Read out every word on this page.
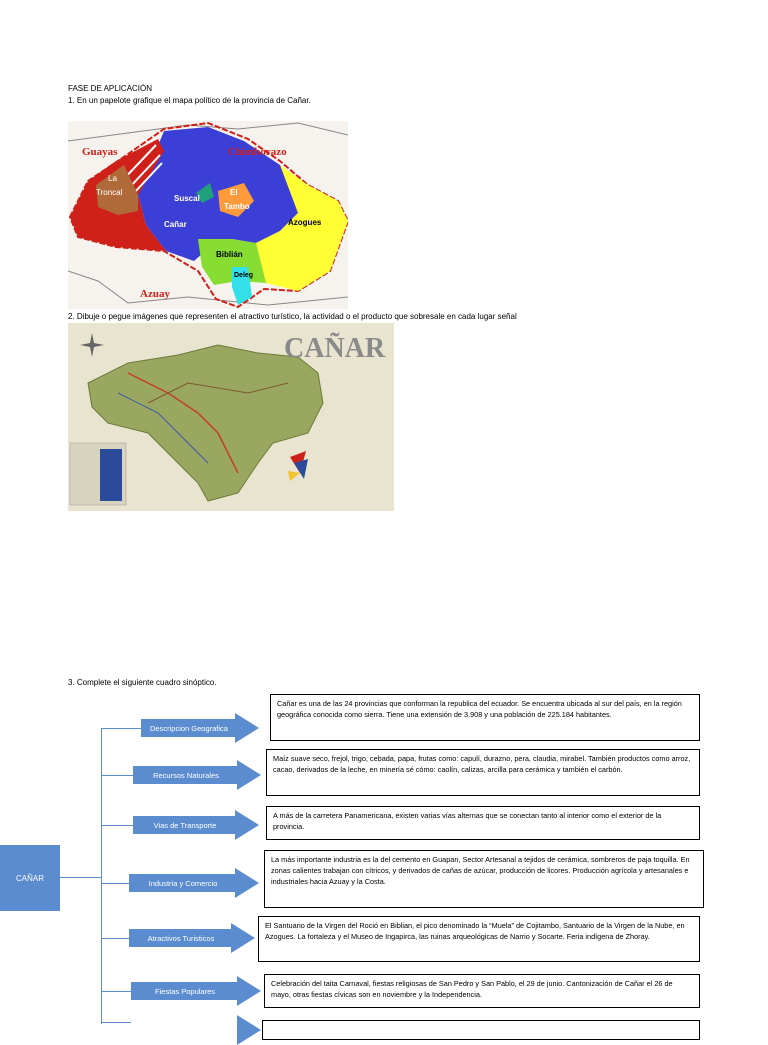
FASE DE APLICACIÓN
1. En un papelote grafique el mapa político de la provincia de Cañar.
Guayas	Chimborazo
La
Troncal
Suscal
El
Tambo
Cañar	Azogues
Biblián
Deleg
Azuay
2. Dibuje o pegue imágenes que representen el atractivo turístico, la actividad o el producto que sobresale en cada lugar señal
CAÑAR
3. Complete el siguiente cuadro sinóptico.
CAÑAR
Descripcion Geografica
Cañar es una de las 24 provincias que conforman la republica del ecuador. Se encuentra ubicada al sur del país, en la región geográfica conocida como sierra. Tiene una extensión de 3.908 y una población de 225.184 habitantes.
Recursos Naturales
Maíz suave seco, frejol, trigo, cebada, papa, frutas como: capulí, durazno, pera, claudia, mirabel. También productos como arroz, cacao, derivados de la leche, en minería sé cómo: caolín, calizas, arcilla para cerámica y también el carbón.
Vias de Transporte
A más de la carretera Panamericana, existen varias vías alternas que se conectan tanto al interior como el exterior de la provincia.
Industria y Comercio
La más importante industria es la del cemento en Guapan, Sector Artesanal a tejidos de cerámica, sombreros de paja toquilla. En zonas calientes trabajan con cítricos, y derivados de cañas de azúcar, producción de licores. Producción agrícola y artesanales e industriales hacia Azuay y la Costa.
Atractivos Turisticos
El Santuario de la Virgen del Roció en Biblian, el pico denominado la “Muela” de Cojitambo, Santuario de la Virgen de la Nube, en Azogues. La fortaleza y el Museo de Ingapirca, las ruinas arqueológicas de Narrio y Socarte. Feria indígena de Zhoray.
Fiestas Populares
Celebración del taita Carnaval, fiestas religiosas de San Pedro y San Pablo, el 29 de junio. Cantonización de Cañar el 26 de mayo, otras fiestas cívicas son en noviembre y la Independencia.
